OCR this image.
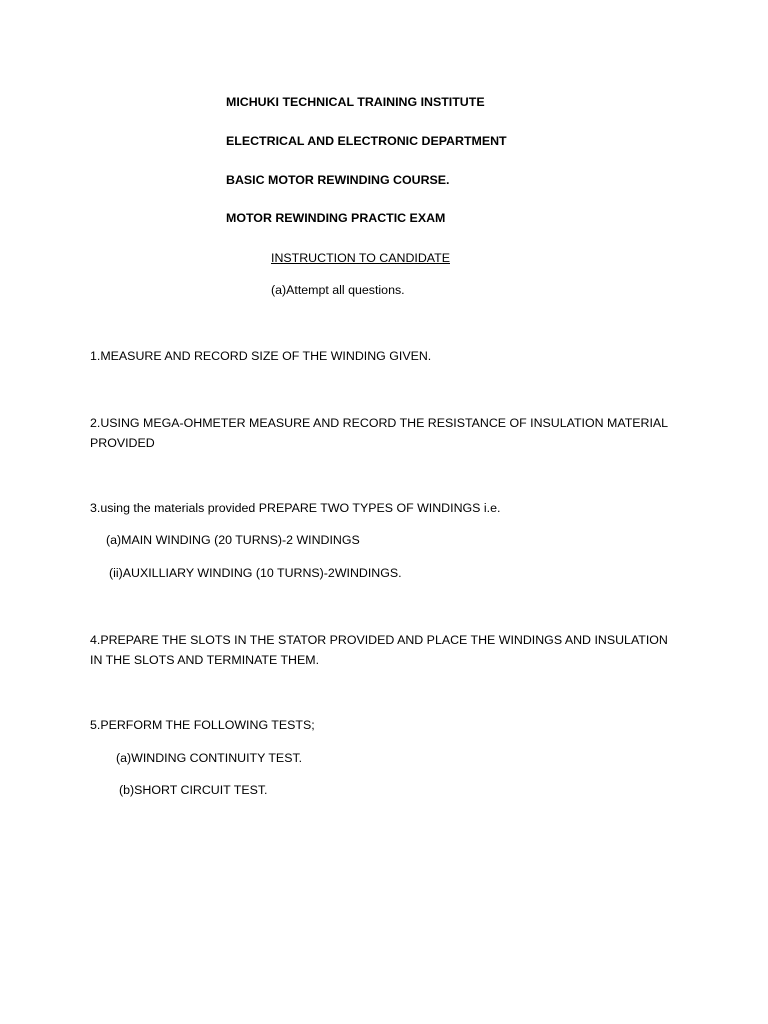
MICHUKI TECHNICAL TRAINING INSTITUTE
ELECTRICAL AND ELECTRONIC DEPARTMENT
BASIC MOTOR REWINDING COURSE.
MOTOR REWINDING PRACTIC EXAM
INSTRUCTION TO CANDIDATE
(a)Attempt all questions.
1.MEASURE AND RECORD SIZE OF THE WINDING GIVEN.
2.USING MEGA-OHMETER MEASURE AND RECORD THE RESISTANCE OF INSULATION MATERIAL PROVIDED
3.using the materials provided PREPARE TWO TYPES OF WINDINGS i.e.
(a)MAIN WINDING (20 TURNS)-2 WINDINGS
(ii)AUXILLIARY WINDING (10 TURNS)-2WINDINGS.
4.PREPARE THE SLOTS IN THE STATOR PROVIDED AND PLACE THE WINDINGS AND INSULATION IN THE SLOTS AND TERMINATE THEM.
5.PERFORM THE FOLLOWING TESTS;
(a)WINDING CONTINUITY TEST.
(b)SHORT CIRCUIT TEST.
